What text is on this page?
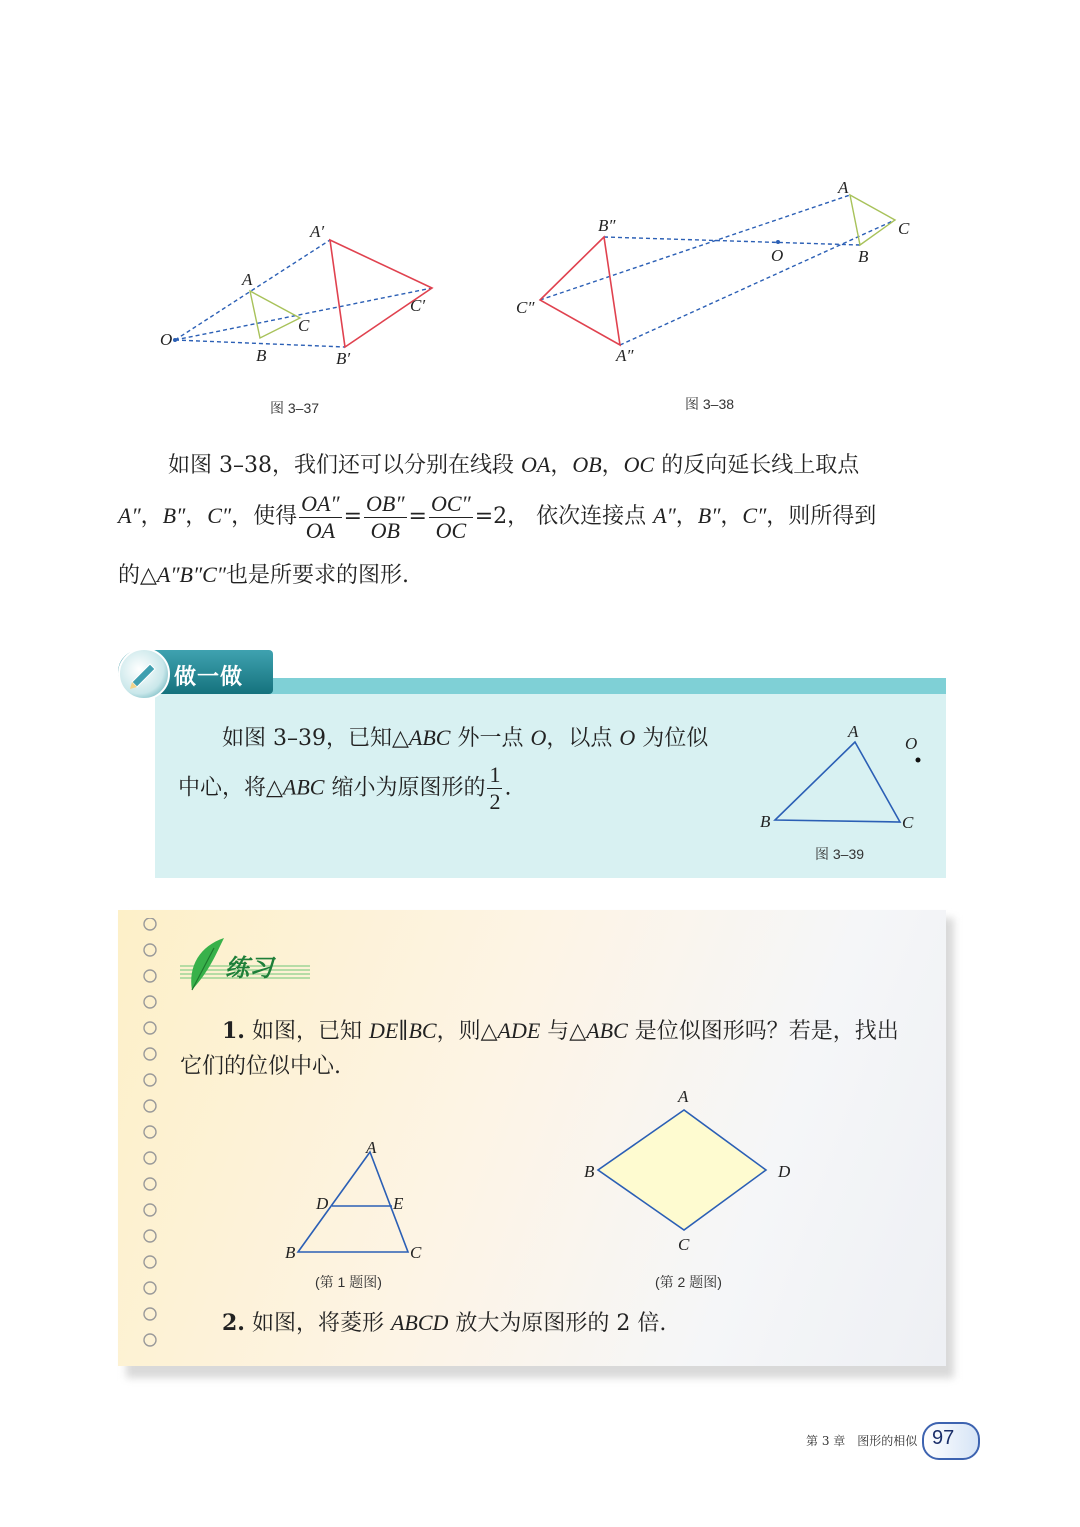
A′
A
C
C′
O
B	B′
图 3–37
A
B″	C
O	B
C″
A″
图 3–38
如图 3–38，我们还可以分别在线段 OA，OB，OC 的反向延长线上取点
A″，B″，C″，使得 $\frac{OA''}{OA} = \frac{OB''}{OB} = \frac{OC''}{OC} =2$， 依次连接点 A″，B″，C″，则所得到
的△A″B″C″也是所要求的图形.
做一做
如图 3–39，已知△ABC 外一点 O，以点 O 为位似
中心，将△ABC 缩小为原图形的 $\frac{1}{2}$ .
A
O
B	C
图 3–39
练习
1. 如图，已知 DE∥BC，则△ADE 与△ABC 是位似图形吗？若是，找出
它们的位似中心.
A
D	E
B	C
(第 1 题图)
A
B	D
C
(第 2 题图)
2. 如图，将菱形 ABCD 放大为原图形的 2 倍.
第 3 章　图形的相似 97
